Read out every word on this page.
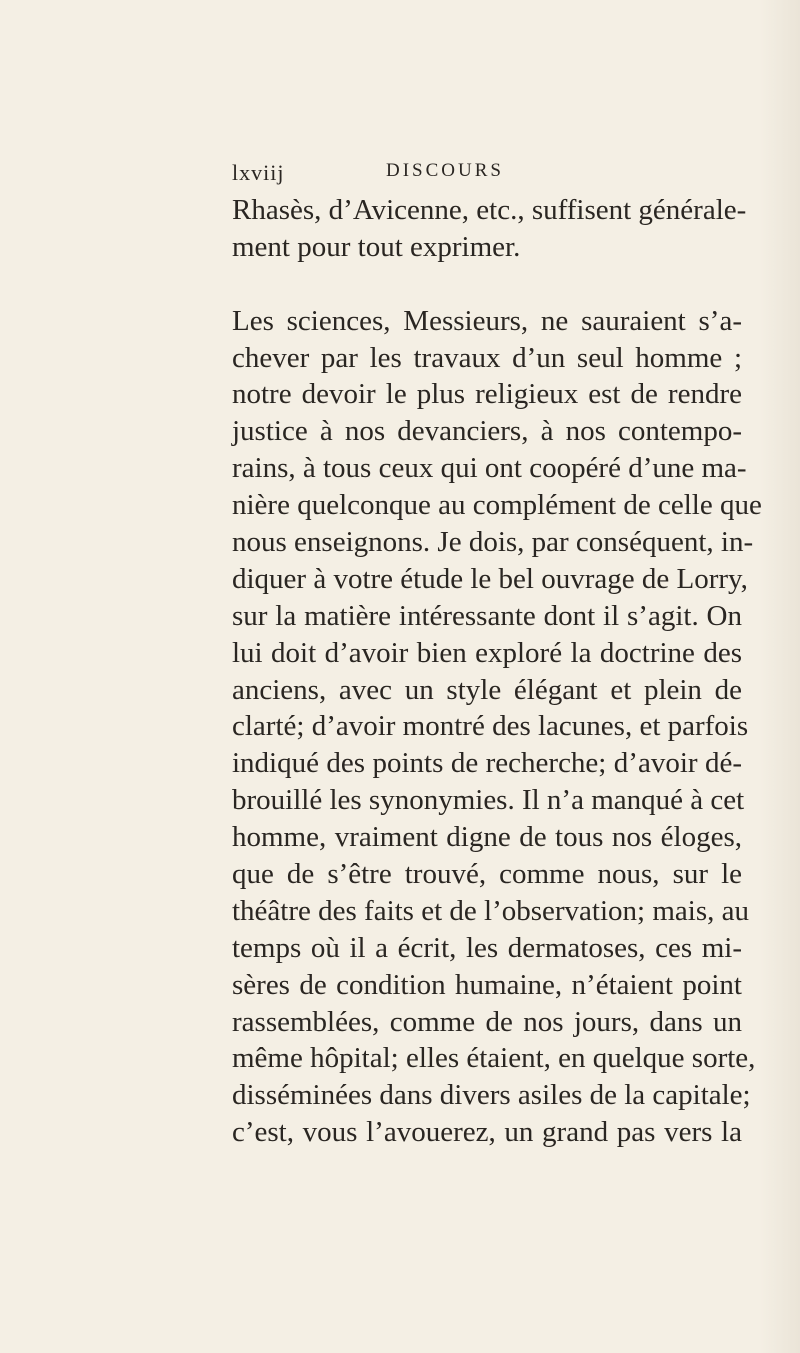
lxviij	DISCOURS
Rhasès, d’Avicenne, etc., suffisent générale-
ment pour tout exprimer.
Les sciences, Messieurs, ne sauraient s’a-
chever par les travaux d’un seul homme ;
notre devoir le plus religieux est de rendre
justice à nos devanciers, à nos contempo-
rains, à tous ceux qui ont coopéré d’une ma-
nière quelconque au complément de celle que
nous enseignons. Je dois, par conséquent, in-
diquer à votre étude le bel ouvrage de Lorry,
sur la matière intéressante dont il s’agit. On
lui doit d’avoir bien exploré la doctrine des
anciens, avec un style élégant et plein de
clarté; d’avoir montré des lacunes, et parfois
indiqué des points de recherche; d’avoir dé-
brouillé les synonymies. Il n’a manqué à cet
homme, vraiment digne de tous nos éloges,
que de s’être trouvé, comme nous, sur le
théâtre des faits et de l’observation; mais, au
temps où il a écrit, les dermatoses, ces mi-
sères de condition humaine, n’étaient point
rassemblées, comme de nos jours, dans un
même hôpital; elles étaient, en quelque sorte,
disséminées dans divers asiles de la capitale;
c’est, vous l’avouerez, un grand pas vers la
